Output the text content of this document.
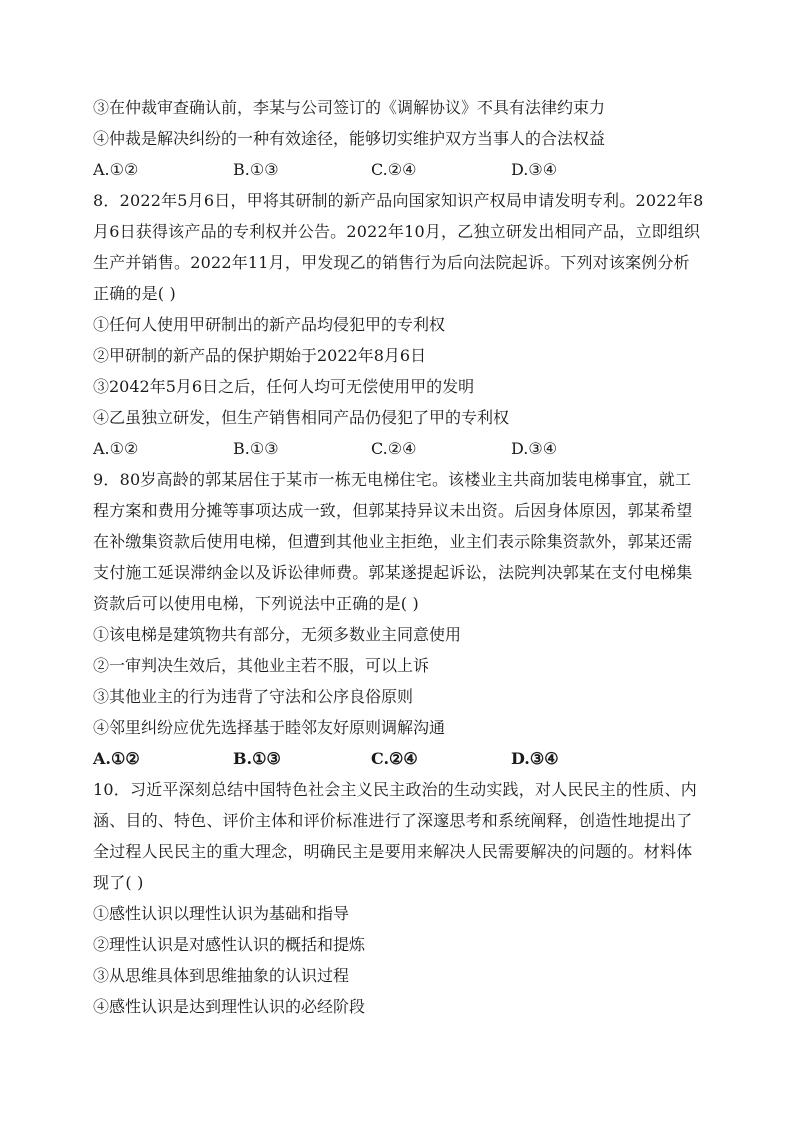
③在仲裁审查确认前，李某与公司签订的《调解协议》不具有法律约束力
④仲裁是解决纠纷的一种有效途径，能够切实维护双方当事人的合法权益
A.①②	B.①③	C.②④	D.③④
8．2022年5月6日，甲将其研制的新产品向国家知识产权局申请发明专利。2022年8月6日获得该产品的专利权并公告。2022年10月，乙独立研发出相同产品，立即组织生产并销售。2022年11月，甲发现乙的销售行为后向法院起诉。下列对该案例分析正确的是( )
①任何人使用甲研制出的新产品均侵犯甲的专利权
②甲研制的新产品的保护期始于2022年8月6日
③2042年5月6日之后，任何人均可无偿使用甲的发明
④乙虽独立研发，但生产销售相同产品仍侵犯了甲的专利权
A.①②	B.①③	C.②④	D.③④
9．80岁高龄的郭某居住于某市一栋无电梯住宅。该楼业主共商加装电梯事宜，就工程方案和费用分摊等事项达成一致，但郭某持异议未出资。后因身体原因，郭某希望在补缴集资款后使用电梯，但遭到其他业主拒绝，业主们表示除集资款外，郭某还需支付施工延误滞纳金以及诉讼律师费。郭某遂提起诉讼，法院判决郭某在支付电梯集资款后可以使用电梯，下列说法中正确的是( )
①该电梯是建筑物共有部分，无须多数业主同意使用
②一审判决生效后，其他业主若不服，可以上诉
③其他业主的行为违背了守法和公序良俗原则
④邻里纠纷应优先选择基于睦邻友好原则调解沟通
A.①②	B.①③	C.②④	D.③④
10．习近平深刻总结中国特色社会主义民主政治的生动实践，对人民民主的性质、内涵、目的、特色、评价主体和评价标准进行了深邃思考和系统阐释，创造性地提出了全过程人民民主的重大理念，明确民主是要用来解决人民需要解决的问题的。材料体现了( )
①感性认识以理性认识为基础和指导
②理性认识是对感性认识的概括和提炼
③从思维具体到思维抽象的认识过程
④感性认识是达到理性认识的必经阶段
